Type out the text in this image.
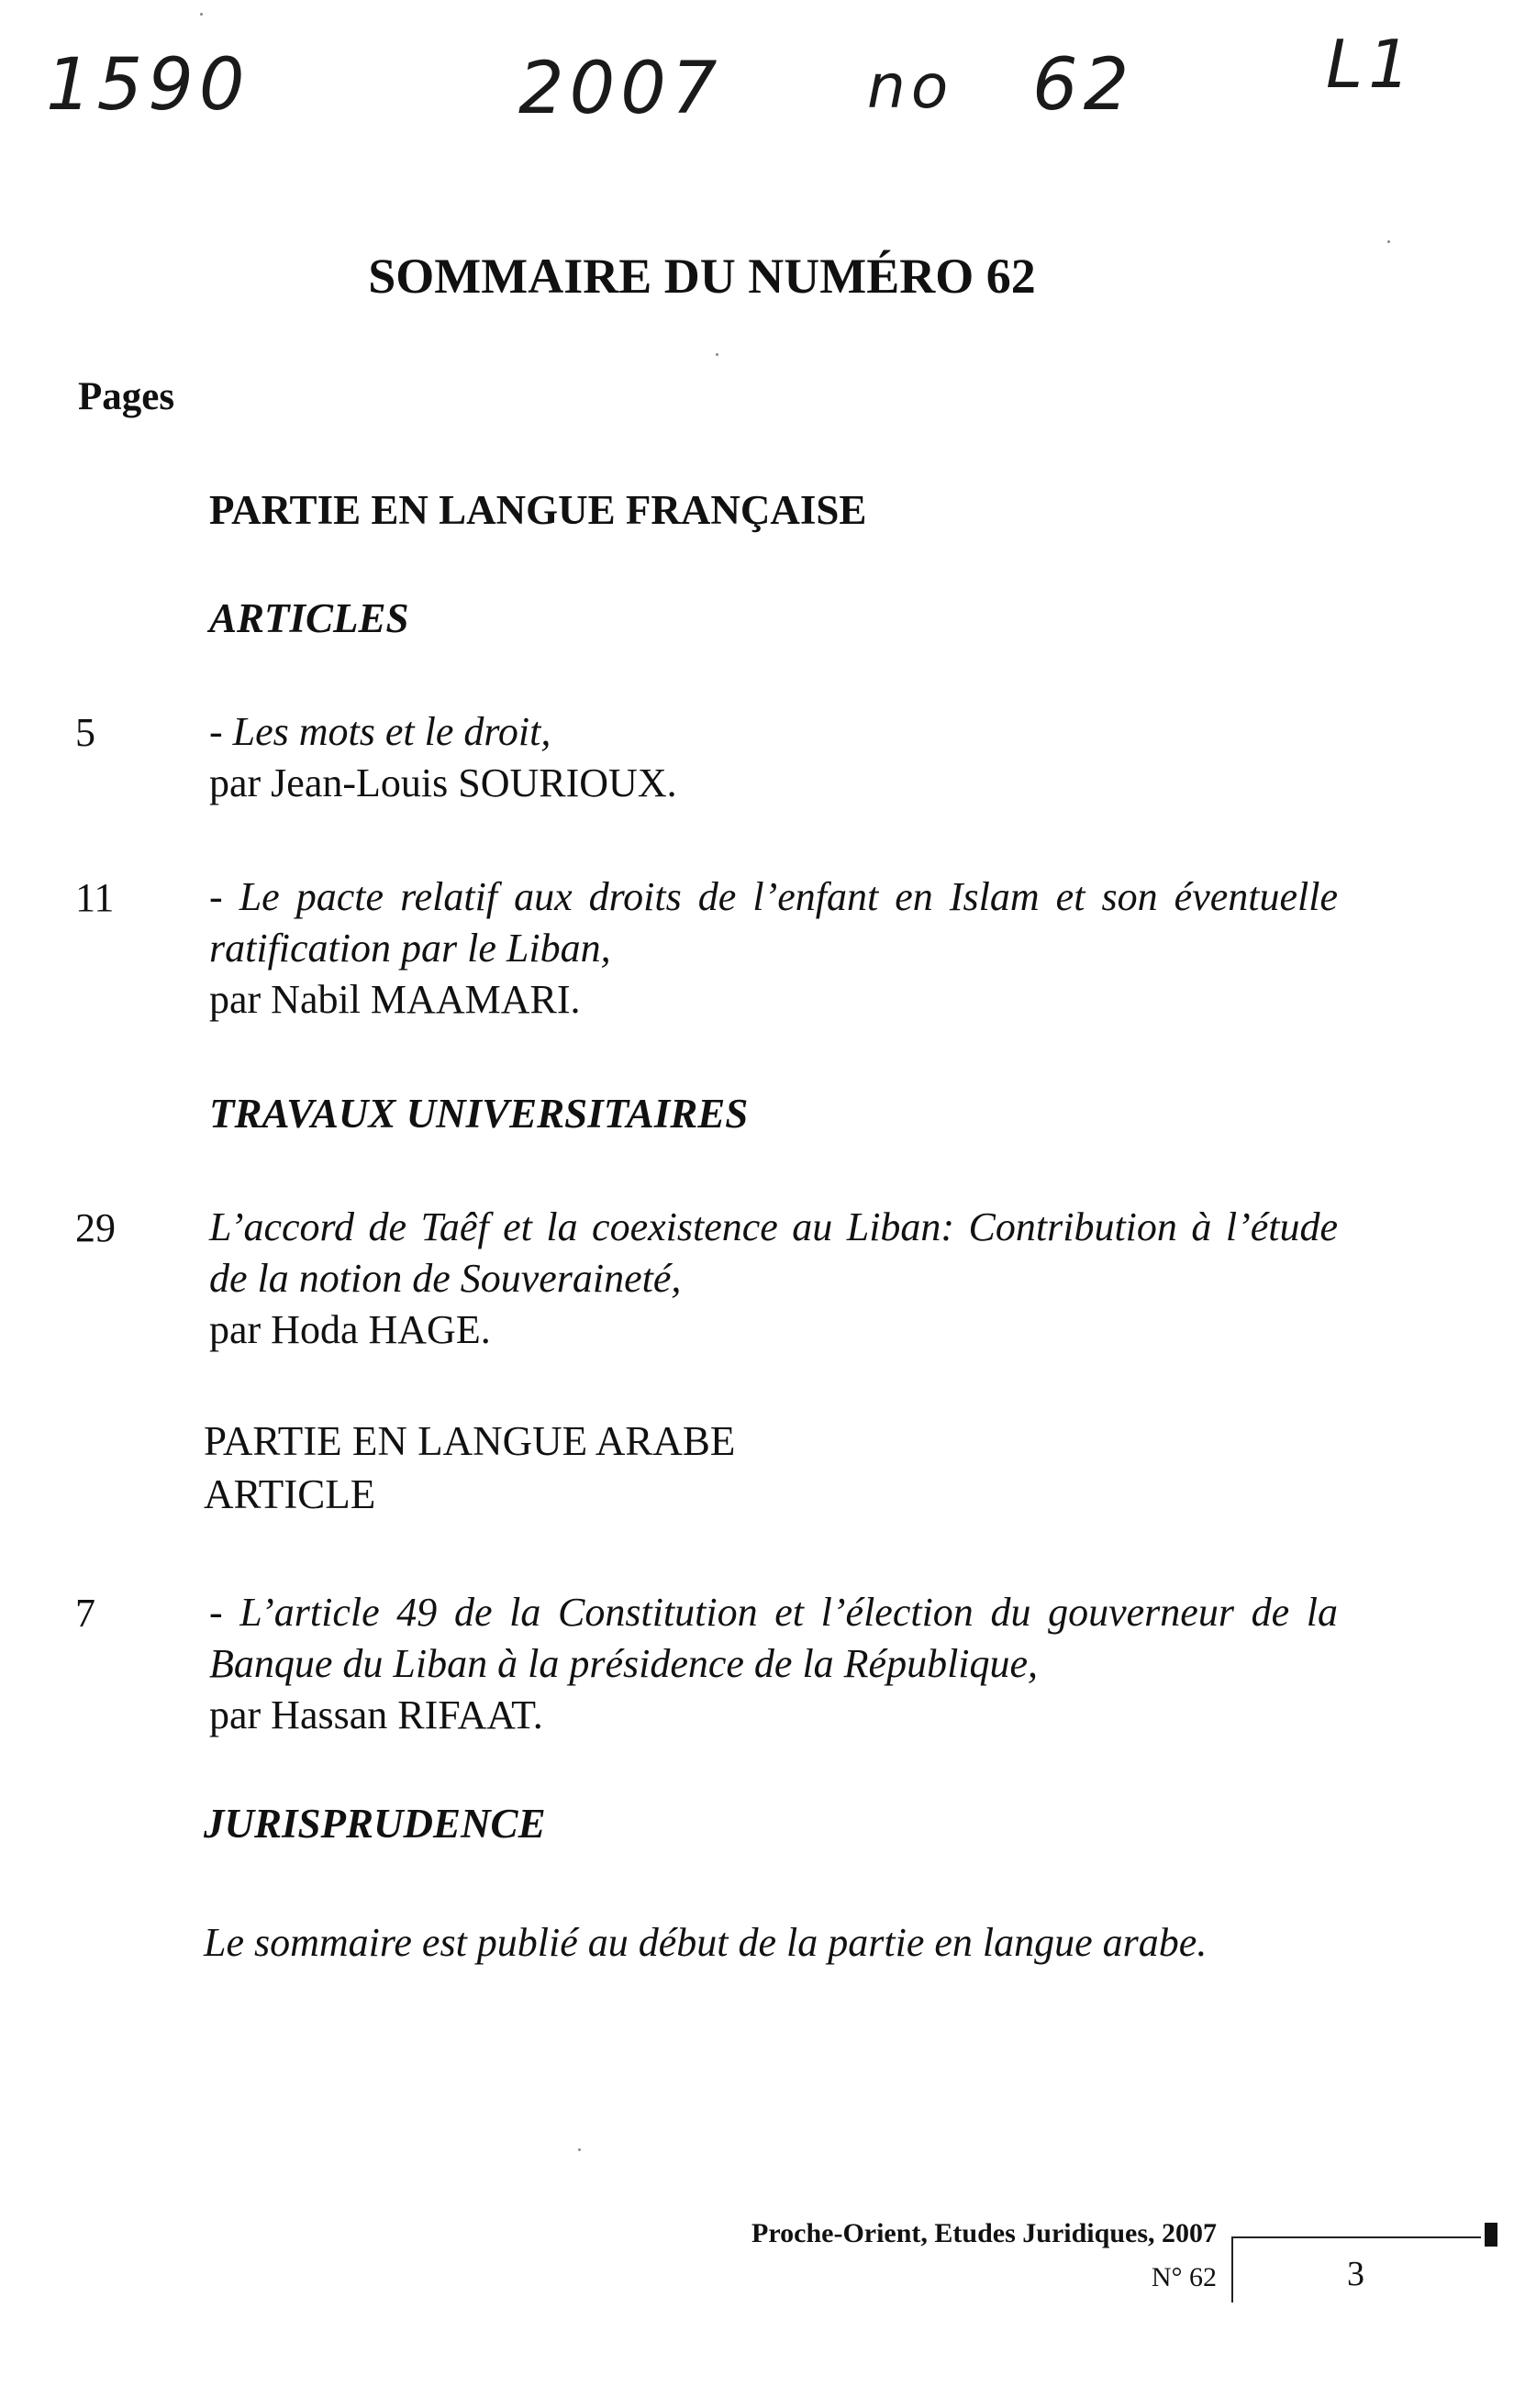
1590	2007 no 62	L1
SOMMAIRE DU NUMÉRO 62
Pages
PARTIE EN LANGUE FRANÇAISE
ARTICLES
5	- Les mots et le droit,
par Jean-Louis SOURIOUX.
11 - Le pacte relatif aux droits de l’enfant en Islam et son éventuelle ratification par le Liban,
par Nabil MAAMARI.
TRAVAUX UNIVERSITAIRES
29 L’accord de Taêf et la coexistence au Liban: Contribution à l’étude de la notion de Souveraineté,
par Hoda HAGE.
PARTIE EN LANGUE ARABE
ARTICLE
7	- L’article 49 de la Constitution et l’élection du gouverneur de la Banque du Liban à la présidence de la République,
par Hassan RIFAAT.
JURISPRUDENCE
Le sommaire est publié au début de la partie en langue arabe.
Proche-Orient, Etudes Juridiques, 2007
N° 62	3
